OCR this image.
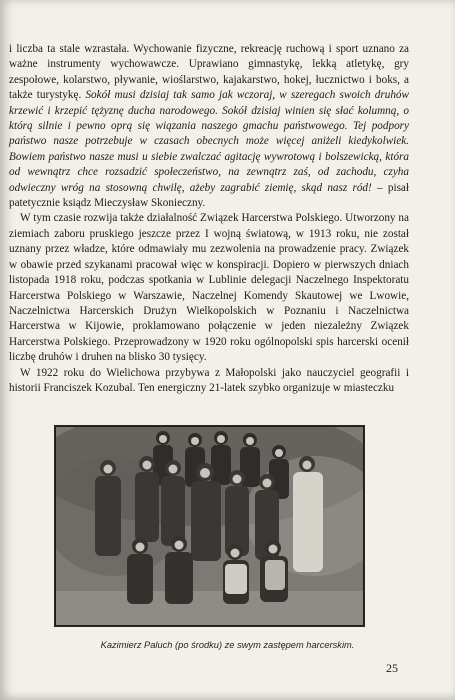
i liczba ta stale wzrastała. Wychowanie fizyczne, rekreację ruchową i sport uznano za ważne instrumenty wychowawcze. Uprawiano gimnastykę, lekką atletykę, gry zespołowe, kolarstwo, pływanie, wioślarstwo, kajakarstwo, hokej, łucznictwo i boks, a także turystykę. Sokół musi dzisiaj tak samo jak wczoraj, w szeregach swoich druhów krzewić i krzepić tężyznę ducha narodowego. Sokół dzisiaj winien się słać kolumną, o którą silnie i pewno oprą się wiązania naszego gmachu państwowego. Tej podpory państwo nasze potrzebuje w czasach obecnych może więcej aniżeli kiedykolwiek. Bowiem państwo nasze musi u siebie zwalczać agitację wywrotową i bolszewicką, która od wewnątrz chce rozsadzić społeczeństwo, na zewnątrz zaś, od zachodu, czyha odwieczny wróg na stosowną chwilę, ażeby zagrabić ziemię, skąd nasz ród! – pisał patetycznie ksiądz Mieczysław Skonieczny.

W tym czasie rozwija także działalność Związek Harcerstwa Polskiego. Utworzony na ziemiach zaboru pruskiego jeszcze przez I wojną światową, w 1913 roku, nie został uznany przez władze, które odmawiały mu zezwolenia na prowadzenie pracy. Związek w obawie przed szykanami pracował więc w konspiracji. Dopiero w pierwszych dniach listopada 1918 roku, podczas spotkania w Lublinie delegacji Naczelnego Inspektoratu Harcerstwa Polskiego w Warszawie, Naczelnej Komendy Skautowej we Lwowie, Naczelnictwa Harcerskich Drużyn Wielkopolskich w Poznaniu i Naczelnictwa Harcerstwa w Kijowie, proklamowano połączenie w jeden niezależny Związek Harcerstwa Polskiego. Przeprowadzony w 1920 roku ogólnopolski spis harcerski ocenił liczbę druhów i druhen na blisko 30 tysięcy.

W 1922 roku do Wielichowa przybywa z Małopolski jako nauczyciel geografii i historii Franciszek Kozubal. Ten energiczny 21-latek szybko organizuje w miasteczku

Kazimierz Paluch (po środku) ze swym zastępem harcerskim.
25
